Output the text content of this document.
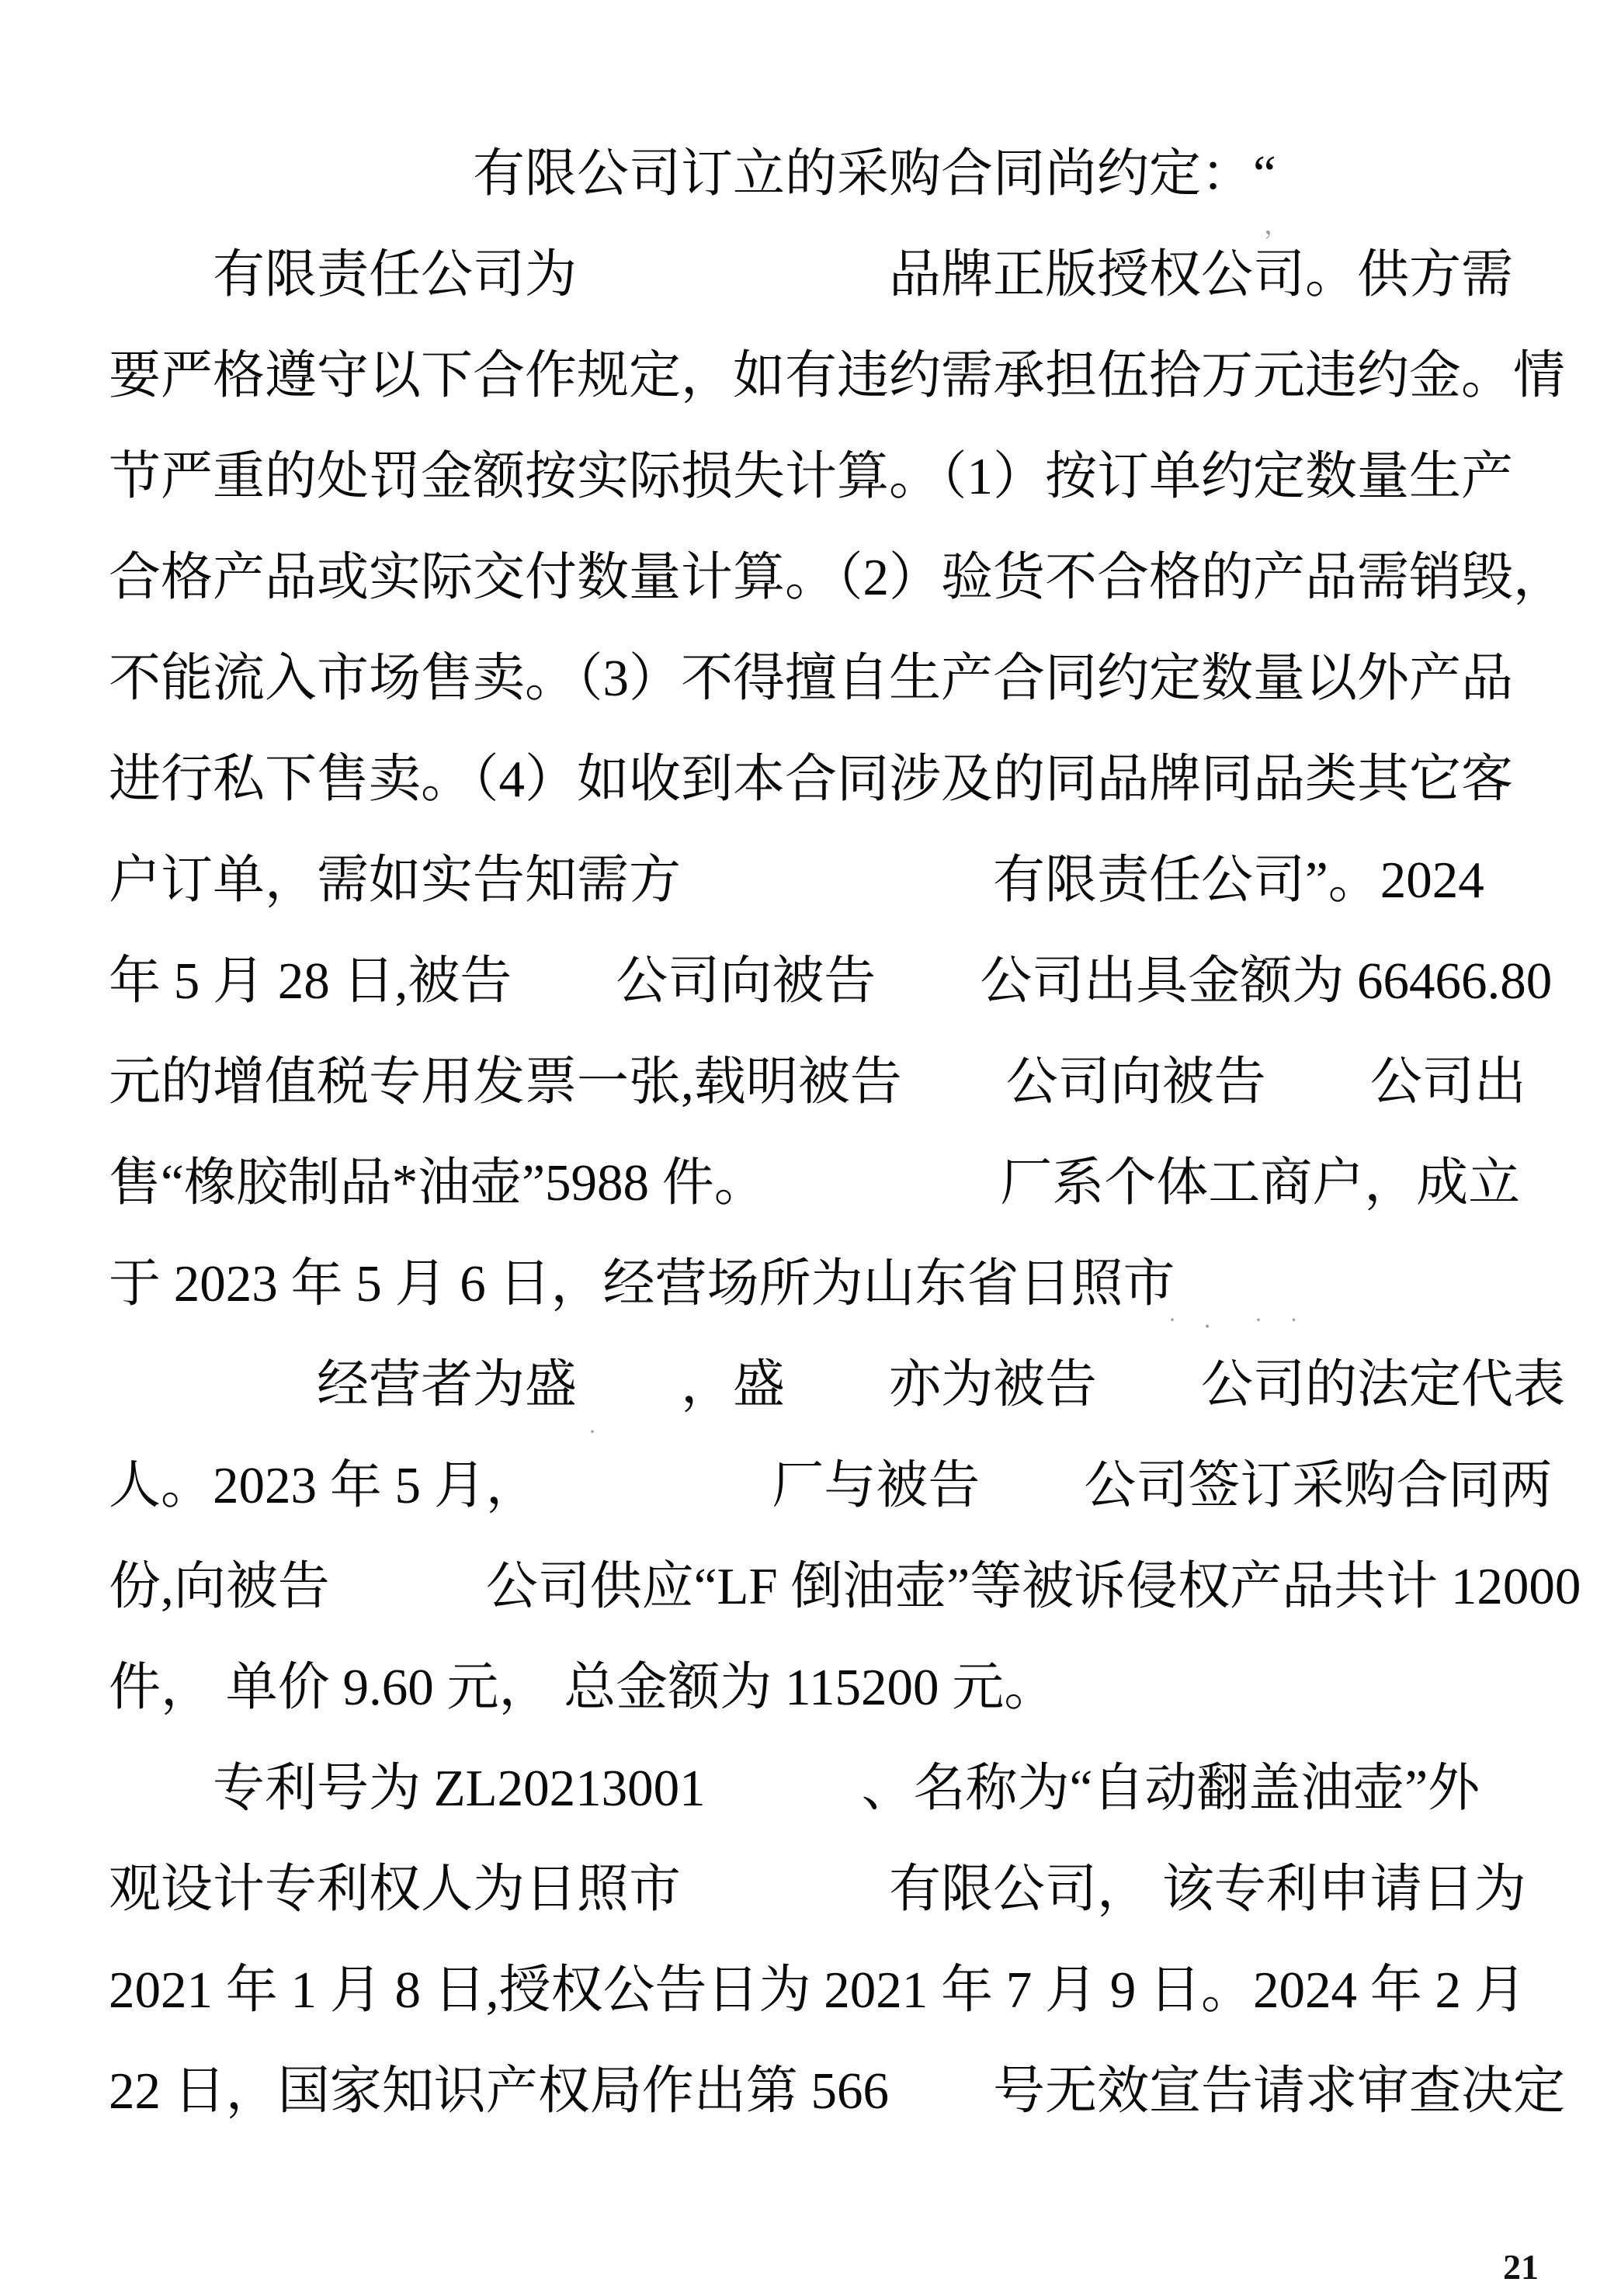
　　　　　　　有限公司订立的采购合同尚约定：“
　　有限责任公司为　　　　　　品牌正版授权公司。供方需
要严格遵守以下合作规定，如有违约需承担伍拾万元违约金。情
节严重的处罚金额按实际损失计算。（1）按订单约定数量生产
合格产品或实际交付数量计算。（2）验货不合格的产品需销毁，
不能流入市场售卖。（3）不得擅自生产合同约定数量以外产品
进行私下售卖。（4）如收到本合同涉及的同品牌同品类其它客
户订单，需如实告知需方　　　　　　有限责任公司”。2024
年 5 月 28 日,被告　　公司向被告　　公司出具金额为 66466.80
元的增值税专用发票一张,载明被告　　公司向被告　　公司出
售“橡胶制品*油壶”5988 件。　　　　　厂系个体工商户，成立
于 2023 年 5 月 6 日，经营场所为山东省日照市
　　　　经营者为盛　　，盛　　亦为被告　　公司的法定代表
人。2023 年 5 月，　　　　　厂与被告　　公司签订采购合同两
份,向被告　　　公司供应“LF 倒油壶”等被诉侵权产品共计 12000
件， 单价 9.60 元， 总金额为 115200 元。
　　专利号为 ZL20213001　　　、名称为“自动翻盖油壶”外
观设计专利权人为日照市　　　　有限公司， 该专利申请日为
2021 年 1 月 8 日,授权公告日为 2021 年 7 月 9 日。2024 年 2 月
22 日，国家知识产权局作出第 566　　号无效宣告请求审查决定
· ． · ·
，
·
21
